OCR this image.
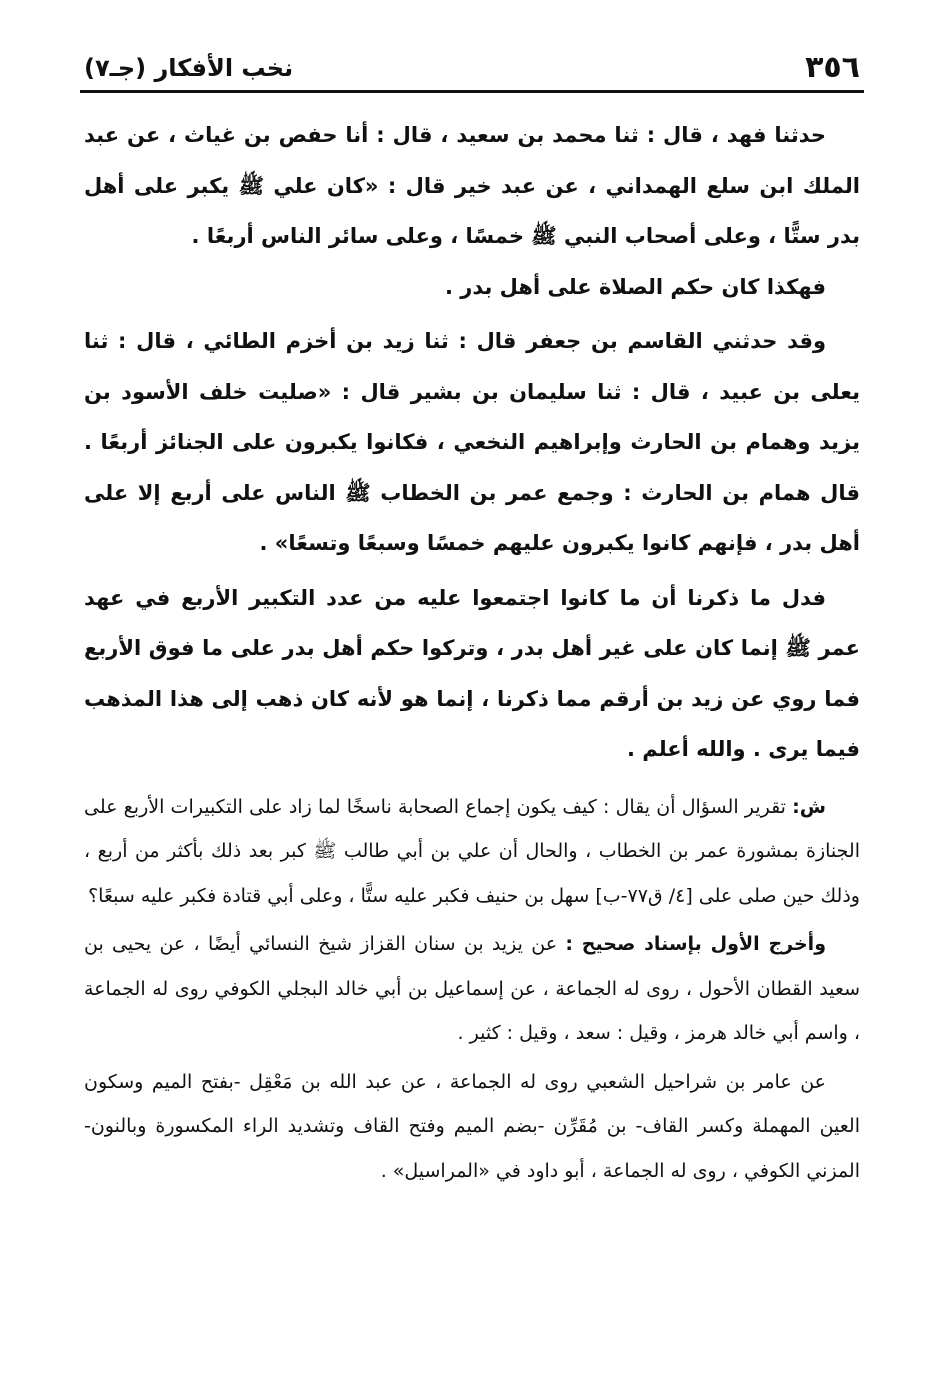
٣٥٦
نخب الأفكار (جـ٧)

حدثنا فهد ، قال : ثنا محمد بن سعيد ، قال : أنا حفص بن غياث ، عن عبد الملك ابن سلع الهمداني ، عن عبد خير قال : «كان علي ﷺ يكبر على أهل بدر ستًّا ، وعلى أصحاب النبي ﷺ خمسًا ، وعلى سائر الناس أربعًا .

فهكذا كان حكم الصلاة على أهل بدر .

وقد حدثني القاسم بن جعفر قال : ثنا زيد بن أخزم الطائي ، قال : ثنا يعلى بن عبيد ، قال : ثنا سليمان بن بشير قال : «صليت خلف الأسود بن يزيد وهمام بن الحارث وإبراهيم النخعي ، فكانوا يكبرون على الجنائز أربعًا . قال همام بن الحارث : وجمع عمر بن الخطاب ﷺ الناس على أربع إلا على أهل بدر ، فإنهم كانوا يكبرون عليهم خمسًا وسبعًا وتسعًا» .

فدل ما ذكرنا أن ما كانوا اجتمعوا عليه من عدد التكبير الأربع في عهد عمر ﷺ إنما كان على غير أهل بدر ، وتركوا حكم أهل بدر على ما فوق الأربع فما روي عن زيد بن أرقم مما ذكرنا ، إنما هو لأنه كان ذهب إلى هذا المذهب فيما يرى . والله أعلم .

ش: تقرير السؤال أن يقال : كيف يكون إجماع الصحابة ناسخًا لما زاد على التكبيرات الأربع على الجنازة بمشورة عمر بن الخطاب ، والحال أن علي بن أبي طالب ﷺ كبر بعد ذلك بأكثر من أربع ، وذلك حين صلى على [٤/ ق٧٧-ب] سهل بن حنيف فكبر عليه ستًّا ، وعلى أبي قتادة فكبر عليه سبعًا؟

وأخرج الأول بإسناد صحيح : عن يزيد بن سنان القزاز شيخ النسائي أيضًا ، عن يحيى بن سعيد القطان الأحول ، روى له الجماعة ، عن إسماعيل بن أبي خالد البجلي الكوفي روى له الجماعة ، واسم أبي خالد هرمز ، وقيل : سعد ، وقيل : كثير .

عن عامر بن شراحيل الشعبي روى له الجماعة ، عن عبد الله بن مَعْقِل -بفتح الميم وسكون العين المهملة وكسر القاف- بن مُقَرِّن -بضم الميم وفتح القاف وتشديد الراء المكسورة وبالنون- المزني الكوفي ، روى له الجماعة ، أبو داود في «المراسيل» .
